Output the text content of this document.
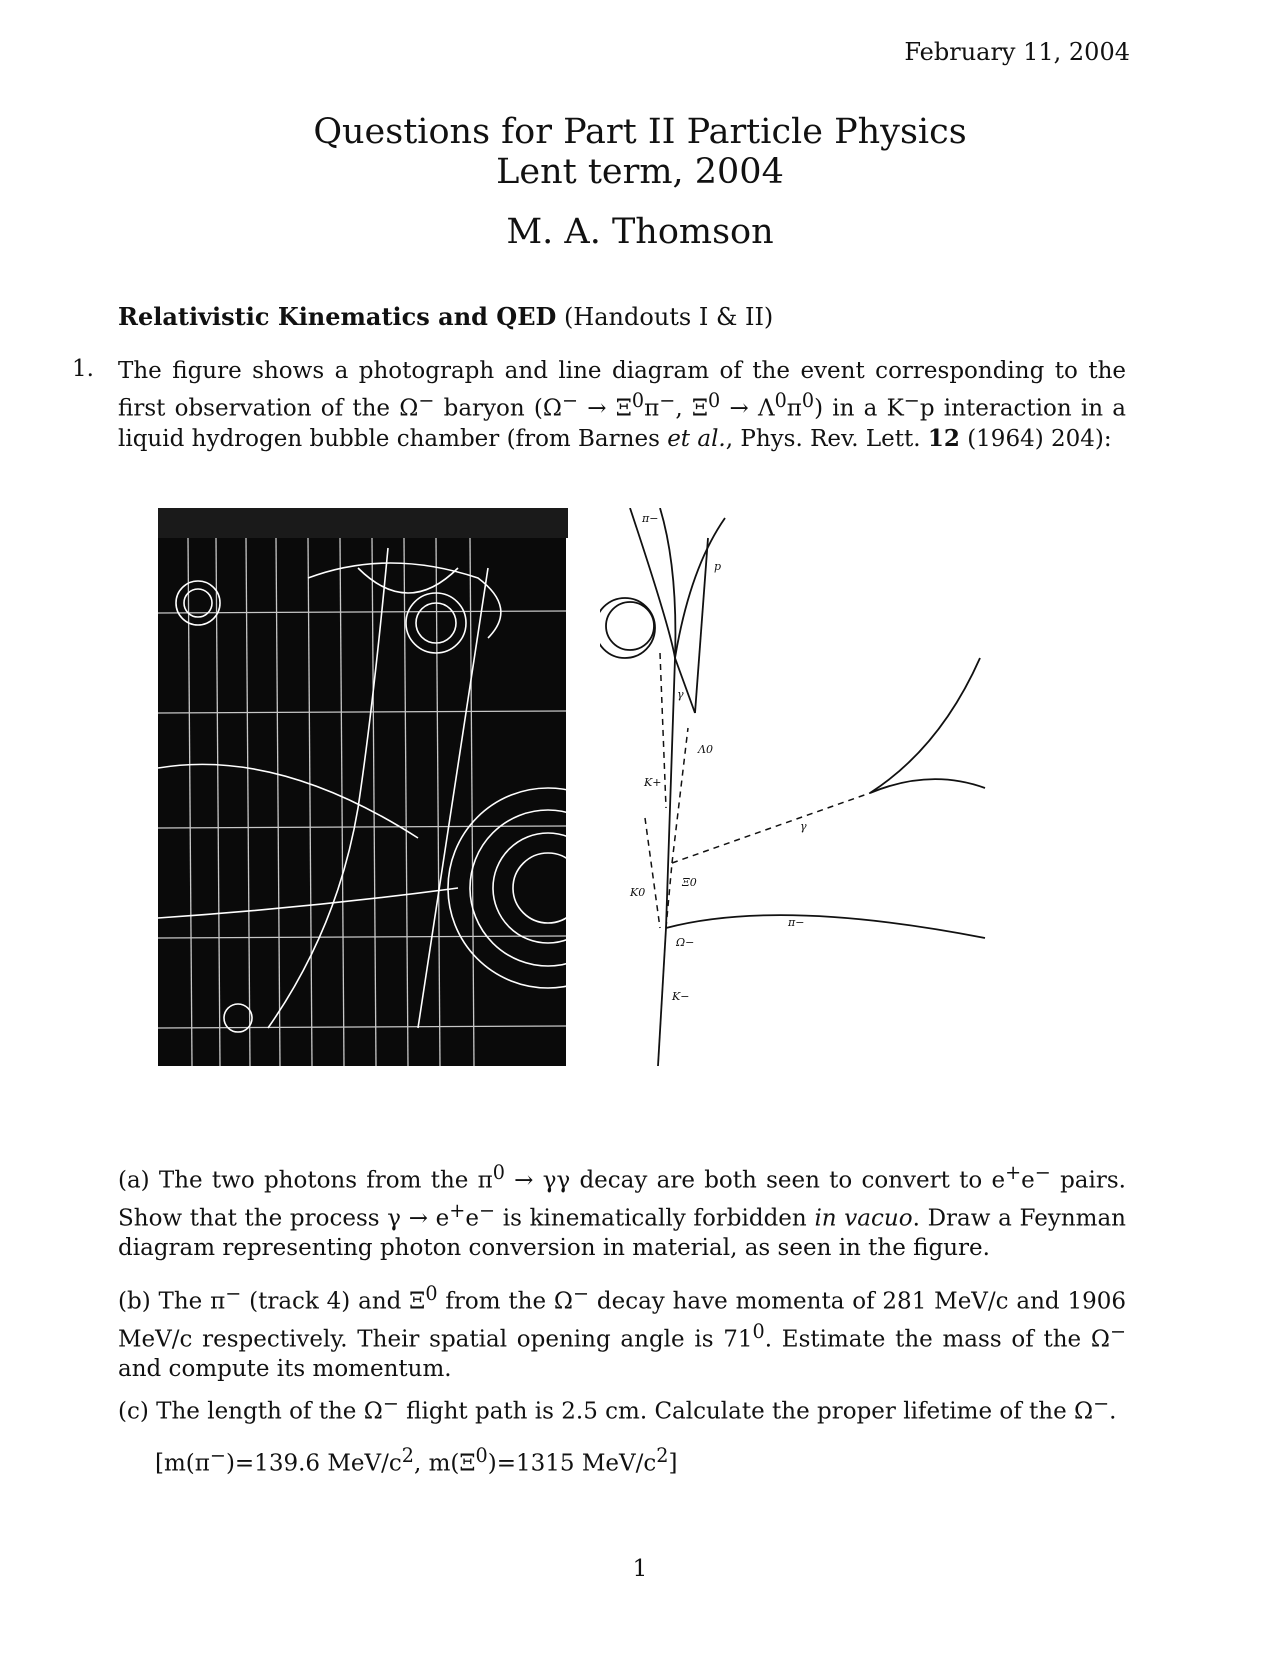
February 11, 2004
Questions for Part II Particle Physics
Lent term, 2004
M. A. Thomson
Relativistic Kinematics and QED (Handouts I & II)
1. The figure shows a photograph and line diagram of the event corresponding to the first observation of the Ω− baryon ($\Omega^- \to \Xi^0\pi^-$, $\Xi^0 \to \Lambda^0\pi^0$) in a K−p interaction in a liquid hydrogen bubble chamber (from Barnes et al., Phys. Rev. Lett. 12 (1964) 204):
π−
p
γ
Λ0
K+
γ
Ξ0
K0
Ω−
π−
K−
(a) The two photons from the $\pi^0 \to \gamma\gamma$ decay are both seen to convert to e+e− pairs. Show that the process γ → e+e− is kinematically forbidden in vacuo. Draw a Feynman diagram representing photon conversion in material, as seen in the figure.
(b) The π− (track 4) and $\Xi^0$ from the Ω− decay have momenta of 281 MeV/c and 1906 MeV/c respectively. Their spatial opening angle is $71^0$. Estimate the mass of the Ω− and compute its momentum.
(c) The length of the Ω− flight path is 2.5 cm. Calculate the proper lifetime of the Ω−.
[m(π−)=139.6 MeV/$c^2$, $m(\Xi^0)=1315$ MeV/$c^2$]
1
